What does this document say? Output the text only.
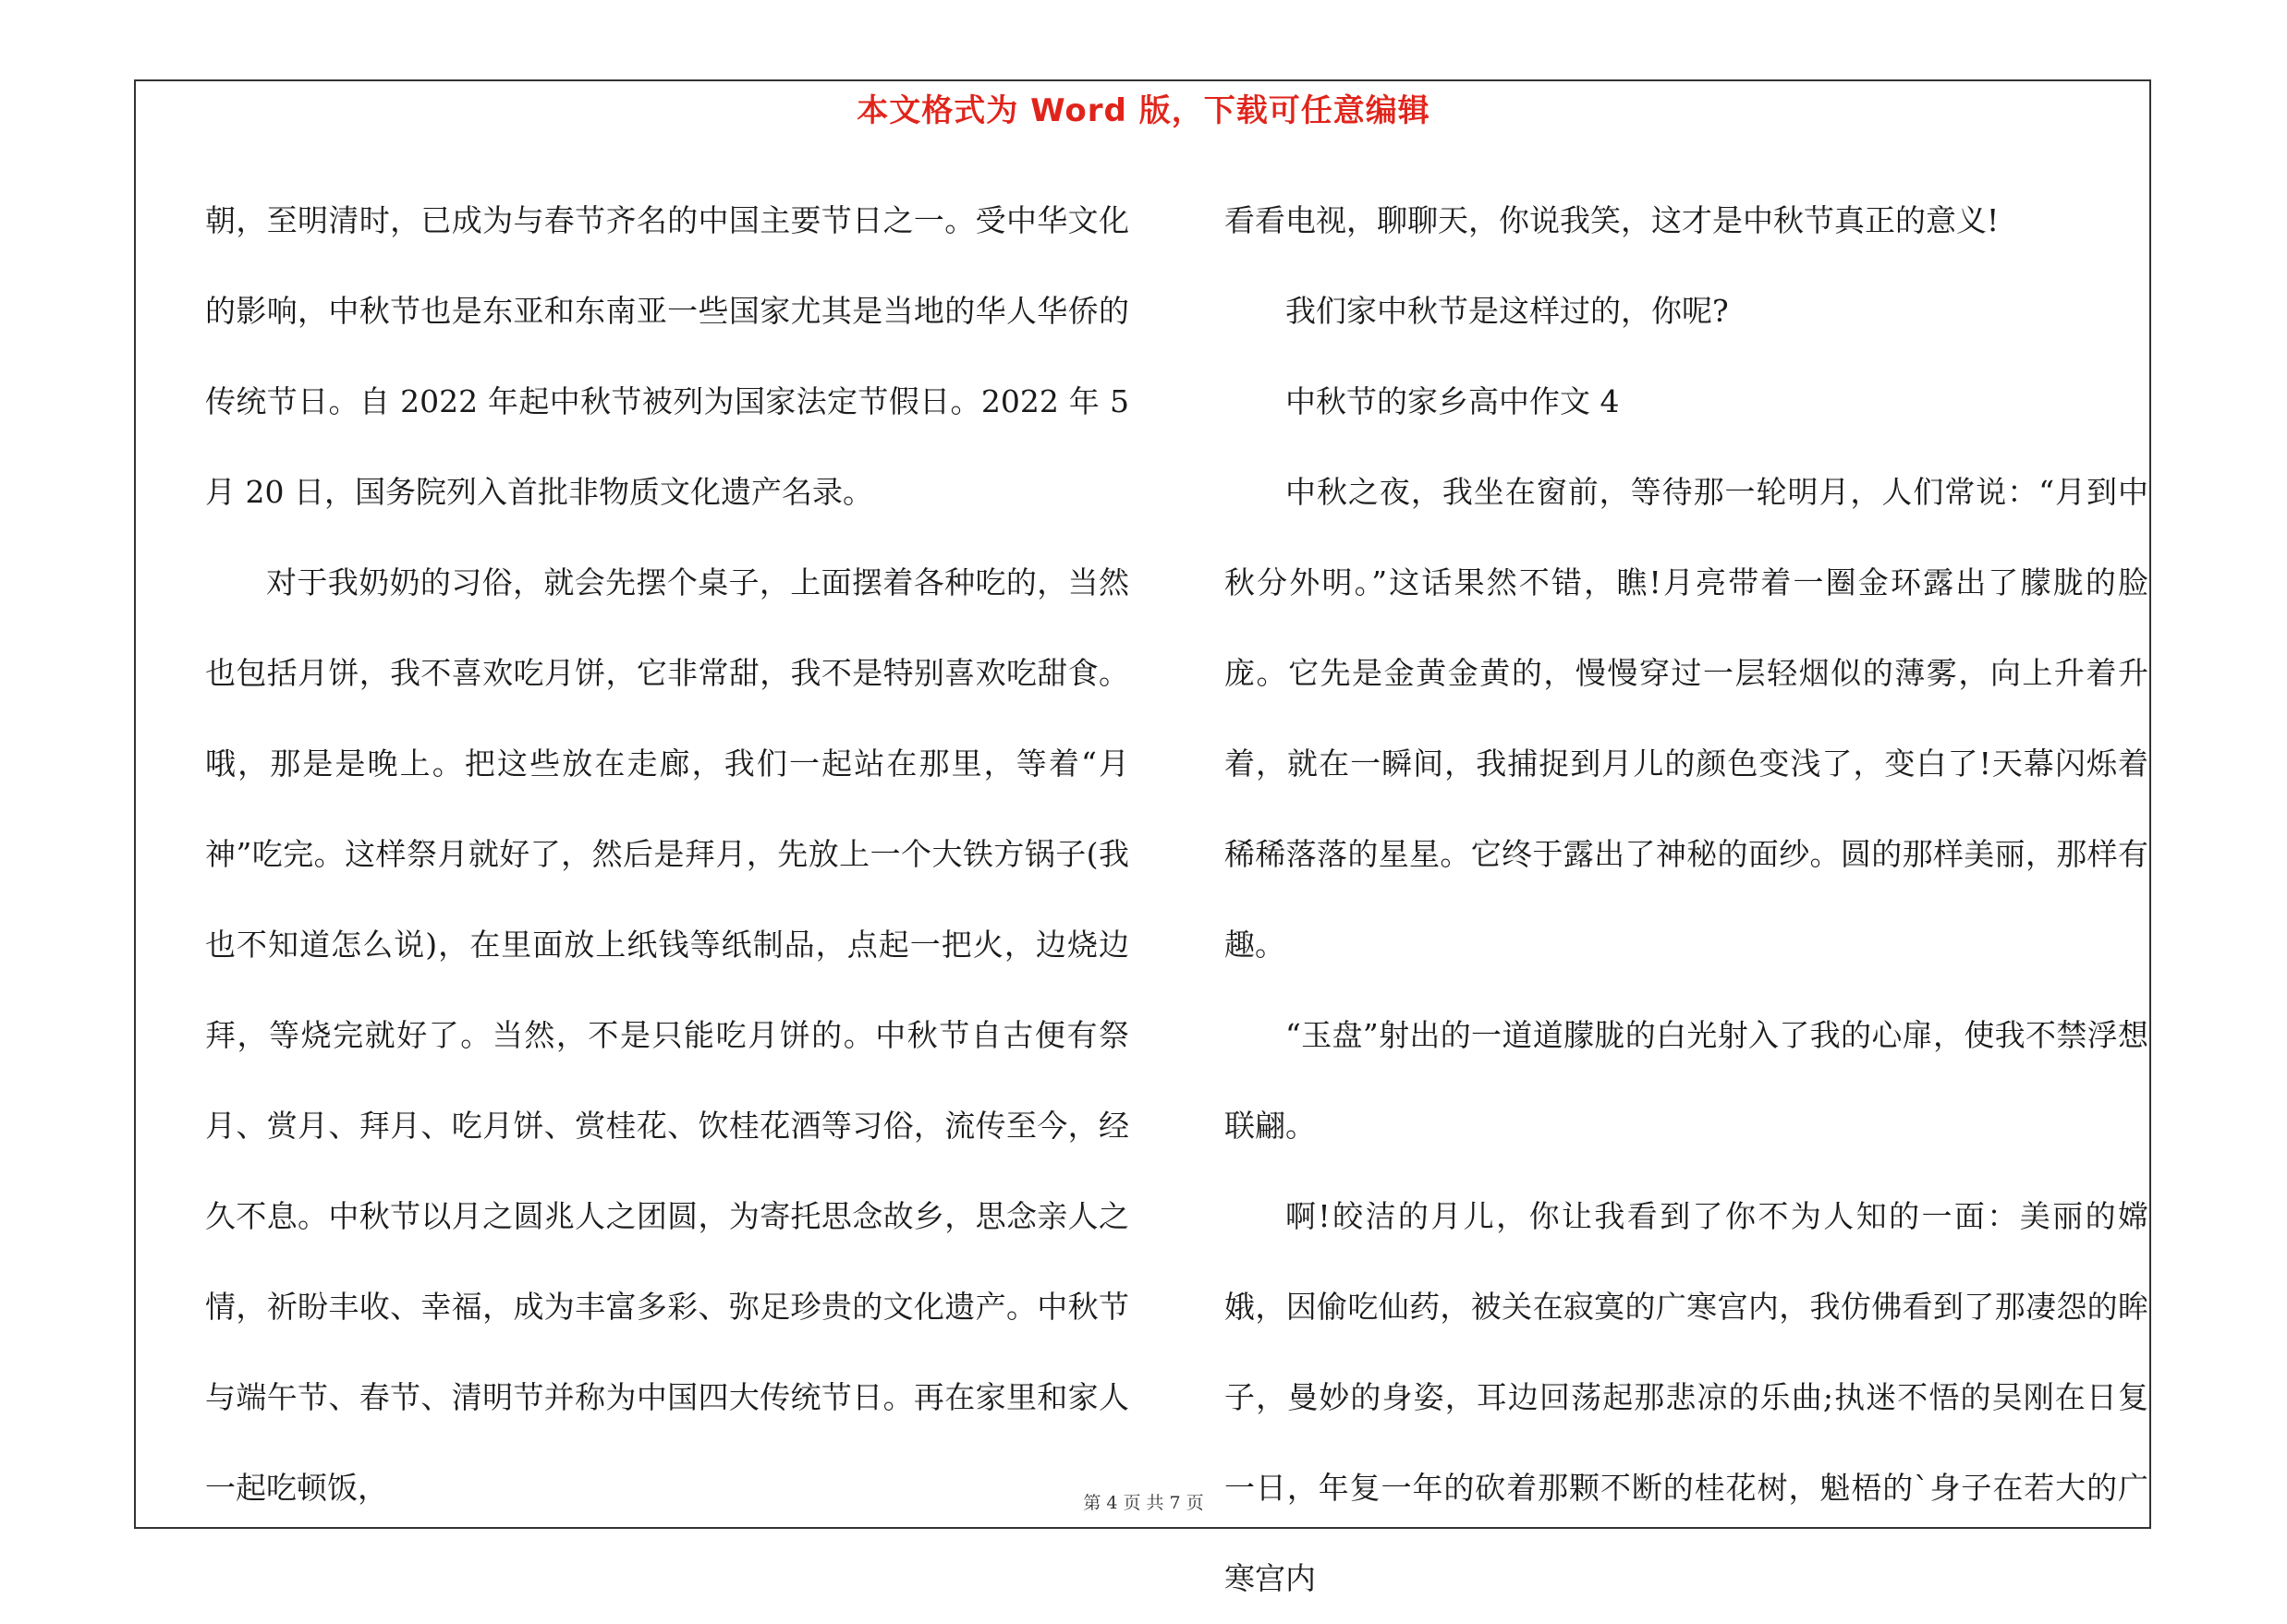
本文格式为 Word 版，下载可任意编辑

朝，至明清时，已成为与春节齐名的中国主要节日之一。受中华文化的影响，中秋节也是东亚和东南亚一些国家尤其是当地的华人华侨的传统节日。自 2022 年起中秋节被列为国家法定节假日。2022 年 5 月 20 日，国务院列入首批非物质文化遗产名录。

对于我奶奶的习俗，就会先摆个桌子，上面摆着各种吃的，当然也包括月饼，我不喜欢吃月饼，它非常甜，我不是特别喜欢吃甜食。哦，那是是晚上。把这些放在走廊，我们一起站在那里，等着“月神”吃完。这样祭月就好了，然后是拜月，先放上一个大铁方锅子(我也不知道怎么说)，在里面放上纸钱等纸制品，点起一把火，边烧边拜，等烧完就好了。当然，不是只能吃月饼的。中秋节自古便有祭月、赏月、拜月、吃月饼、赏桂花、饮桂花酒等习俗，流传至今，经久不息。中秋节以月之圆兆人之团圆，为寄托思念故乡，思念亲人之情，祈盼丰收、幸福，成为丰富多彩、弥足珍贵的文化遗产。中秋节与端午节、春节、清明节并称为中国四大传统节日。再在家里和家人一起吃顿饭，

看看电视，聊聊天，你说我笑，这才是中秋节真正的意义!

我们家中秋节是这样过的，你呢?

中秋节的家乡高中作文 4

中秋之夜，我坐在窗前，等待那一轮明月，人们常说：“月到中秋分外明。”这话果然不错，瞧!月亮带着一圈金环露出了朦胧的脸庞。它先是金黄金黄的，慢慢穿过一层轻烟似的薄雾，向上升着升着，就在一瞬间，我捕捉到月儿的颜色变浅了，变白了!天幕闪烁着稀稀落落的星星。它终于露出了神秘的面纱。圆的那样美丽，那样有趣。

“玉盘”射出的一道道朦胧的白光射入了我的心扉，使我不禁浮想联翩。

啊!皎洁的月儿，你让我看到了你不为人知的一面：美丽的嫦娥，因偷吃仙药，被关在寂寞的广寒宫内，我仿佛看到了那凄怨的眸子，曼妙的身姿，耳边回荡起那悲凉的乐曲;执迷不悟的吴刚在日复一日，年复一年的砍着那颗不断的桂花树，魁梧的`身子在若大的广寒宫内

第 4 页 共 7 页
